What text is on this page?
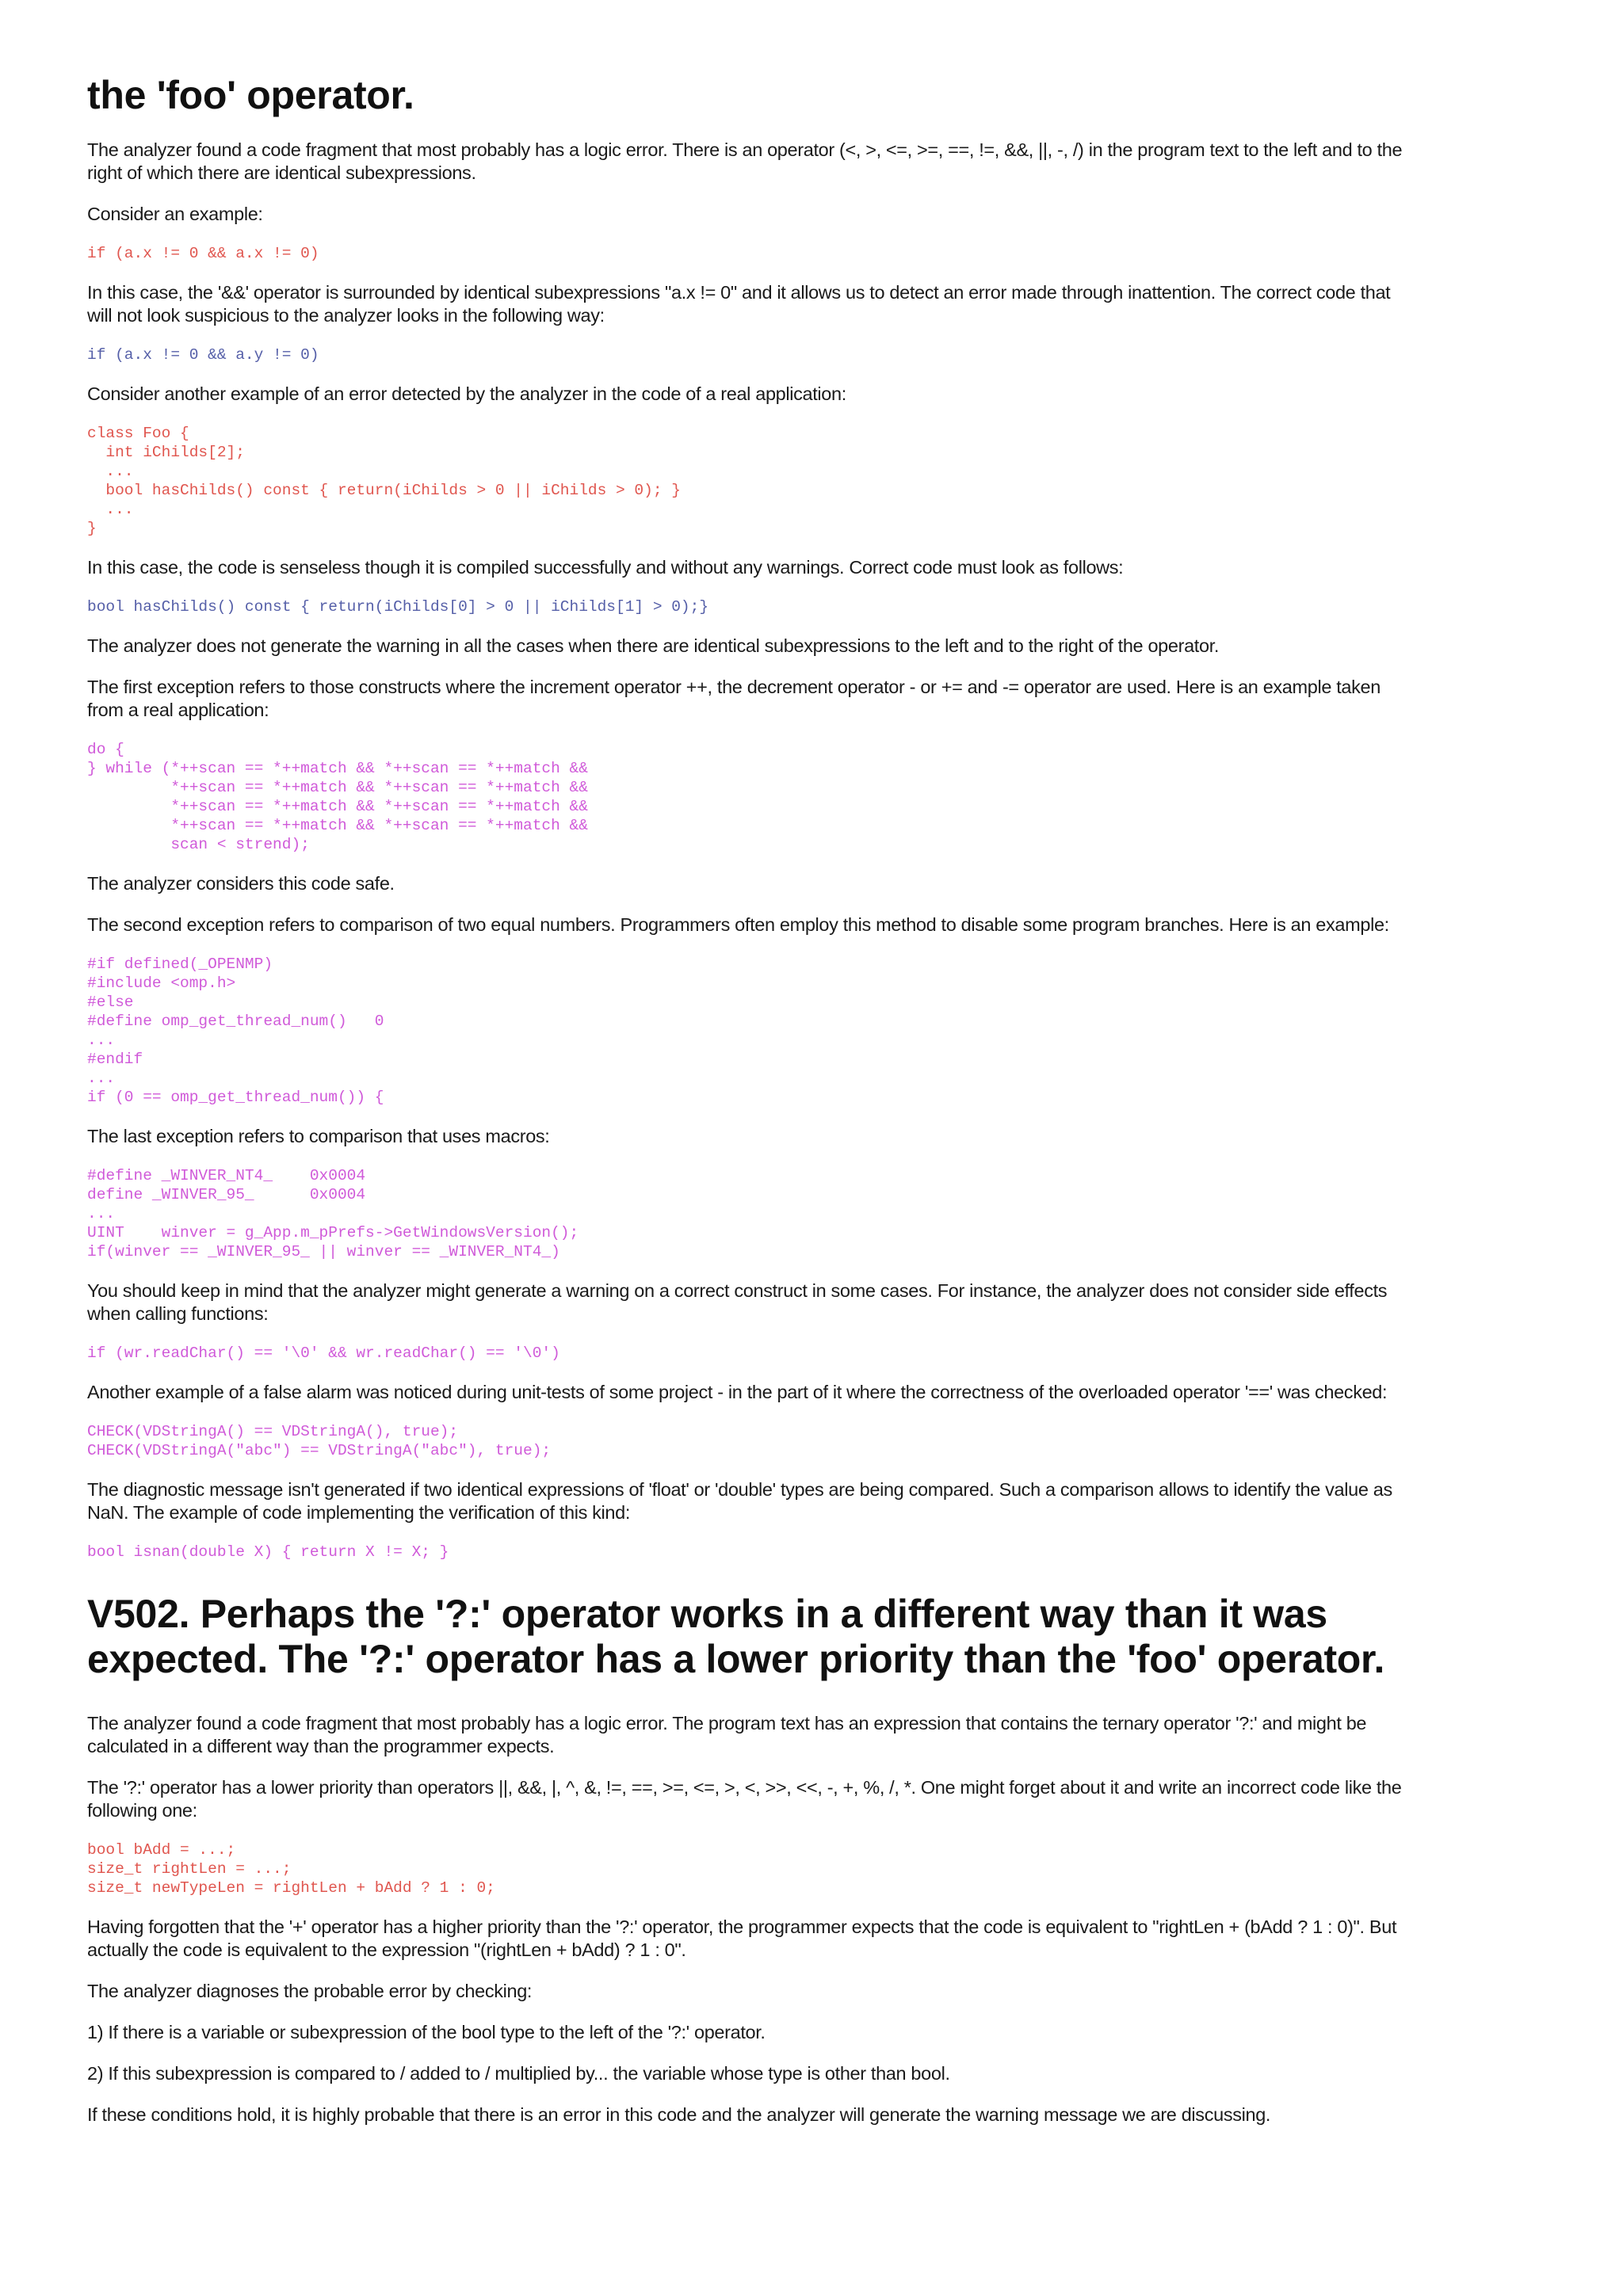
the 'foo' operator.

The analyzer found a code fragment that most probably has a logic error. There is an operator (<, >, <=, >=, ==, !=, &&, ||, -, /) in the program text to the left and to the right of which there are identical subexpressions.

Consider an example:

if (a.x != 0 && a.x != 0)

In this case, the '&&' operator is surrounded by identical subexpressions "a.x != 0" and it allows us to detect an error made through inattention. The correct code that will not look suspicious to the analyzer looks in the following way:

if (a.x != 0 && a.y != 0)

Consider another example of an error detected by the analyzer in the code of a real application:

class Foo {
int iChilds[2];
...
bool hasChilds() const { return(iChilds > 0 || iChilds > 0); }
...
}

In this case, the code is senseless though it is compiled successfully and without any warnings. Correct code must look as follows:

bool hasChilds() const { return(iChilds[0] > 0 || iChilds[1] > 0);}

The analyzer does not generate the warning in all the cases when there are identical subexpressions to the left and to the right of the operator.

The first exception refers to those constructs where the increment operator ++, the decrement operator - or += and -= operator are used. Here is an example taken from a real application:

do {
} while (*++scan == *++match && *++scan == *++match &&
*++scan == *++match && *++scan == *++match &&
*++scan == *++match && *++scan == *++match &&
*++scan == *++match && *++scan == *++match &&
scan < strend);

The analyzer considers this code safe.

The second exception refers to comparison of two equal numbers. Programmers often employ this method to disable some program branches. Here is an example:

#if defined(_OPENMP)
#include <omp.h>
#else
#define omp_get_thread_num()   0
...
#endif
...
if (0 == omp_get_thread_num()) {

The last exception refers to comparison that uses macros:

#define _WINVER_NT4_    0x0004
define _WINVER_95_      0x0004
...
UINT    winver = g_App.m_pPrefs->GetWindowsVersion();
if(winver == _WINVER_95_ || winver == _WINVER_NT4_)

You should keep in mind that the analyzer might generate a warning on a correct construct in some cases. For instance, the analyzer does not consider side effects when calling functions:

if (wr.readChar() == '\0' && wr.readChar() == '\0')

Another example of a false alarm was noticed during unit-tests of some project - in the part of it where the correctness of the overloaded operator '==' was checked:

CHECK(VDStringA() == VDStringA(), true);
CHECK(VDStringA("abc") == VDStringA("abc"), true);

The diagnostic message isn't generated if two identical expressions of 'float' or 'double' types are being compared. Such a comparison allows to identify the value as NaN. The example of code implementing the verification of this kind:

bool isnan(double X) { return X != X; }
V502. Perhaps the '?:' operator works in a different way than it was expected. The '?:' operator has a lower priority than the 'foo' operator.

The analyzer found a code fragment that most probably has a logic error. The program text has an expression that contains the ternary operator '?:' and might be calculated in a different way than the programmer expects.

The '?:' operator has a lower priority than operators ||, &&, |, ^, &, !=, ==, >=, <=, >, <, >>, <<, -, +, %, /, *. One might forget about it and write an incorrect code like the following one:

bool bAdd = ...;
size_t rightLen = ...;
size_t newTypeLen = rightLen + bAdd ? 1 : 0;

Having forgotten that the '+' operator has a higher priority than the '?:' operator, the programmer expects that the code is equivalent to "rightLen + (bAdd ? 1 : 0)". But actually the code is equivalent to the expression "(rightLen + bAdd) ? 1 : 0".

The analyzer diagnoses the probable error by checking:

1) If there is a variable or subexpression of the bool type to the left of the '?:' operator.

2) If this subexpression is compared to / added to / multiplied by... the variable whose type is other than bool.

If these conditions hold, it is highly probable that there is an error in this code and the analyzer will generate the warning message we are discussing.
